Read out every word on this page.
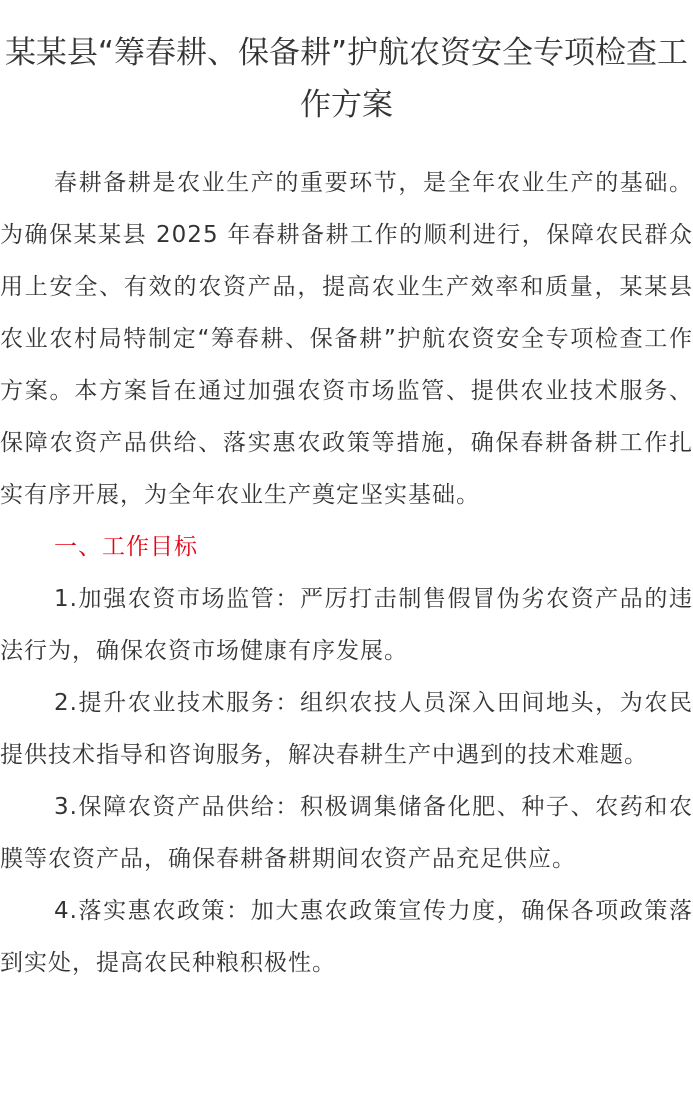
某某县“筹春耕、保备耕”护航农资安全专项检查工作方案

春耕备耕是农业生产的重要环节，是全年农业生产的基础。为确保某某县 2025 年春耕备耕工作的顺利进行，保障农民群众用上安全、有效的农资产品，提高农业生产效率和质量，某某县农业农村局特制定“筹春耕、保备耕”护航农资安全专项检查工作方案。本方案旨在通过加强农资市场监管、提供农业技术服务、保障农资产品供给、落实惠农政策等措施，确保春耕备耕工作扎实有序开展，为全年农业生产奠定坚实基础。

一、工作目标

1.加强农资市场监管：严厉打击制售假冒伪劣农资产品的违法行为，确保农资市场健康有序发展。

2.提升农业技术服务：组织农技人员深入田间地头，为农民提供技术指导和咨询服务，解决春耕生产中遇到的技术难题。

3.保障农资产品供给：积极调集储备化肥、种子、农药和农膜等农资产品，确保春耕备耕期间农资产品充足供应。

4.落实惠农政策：加大惠农政策宣传力度，确保各项政策落到实处，提高农民种粮积极性。
